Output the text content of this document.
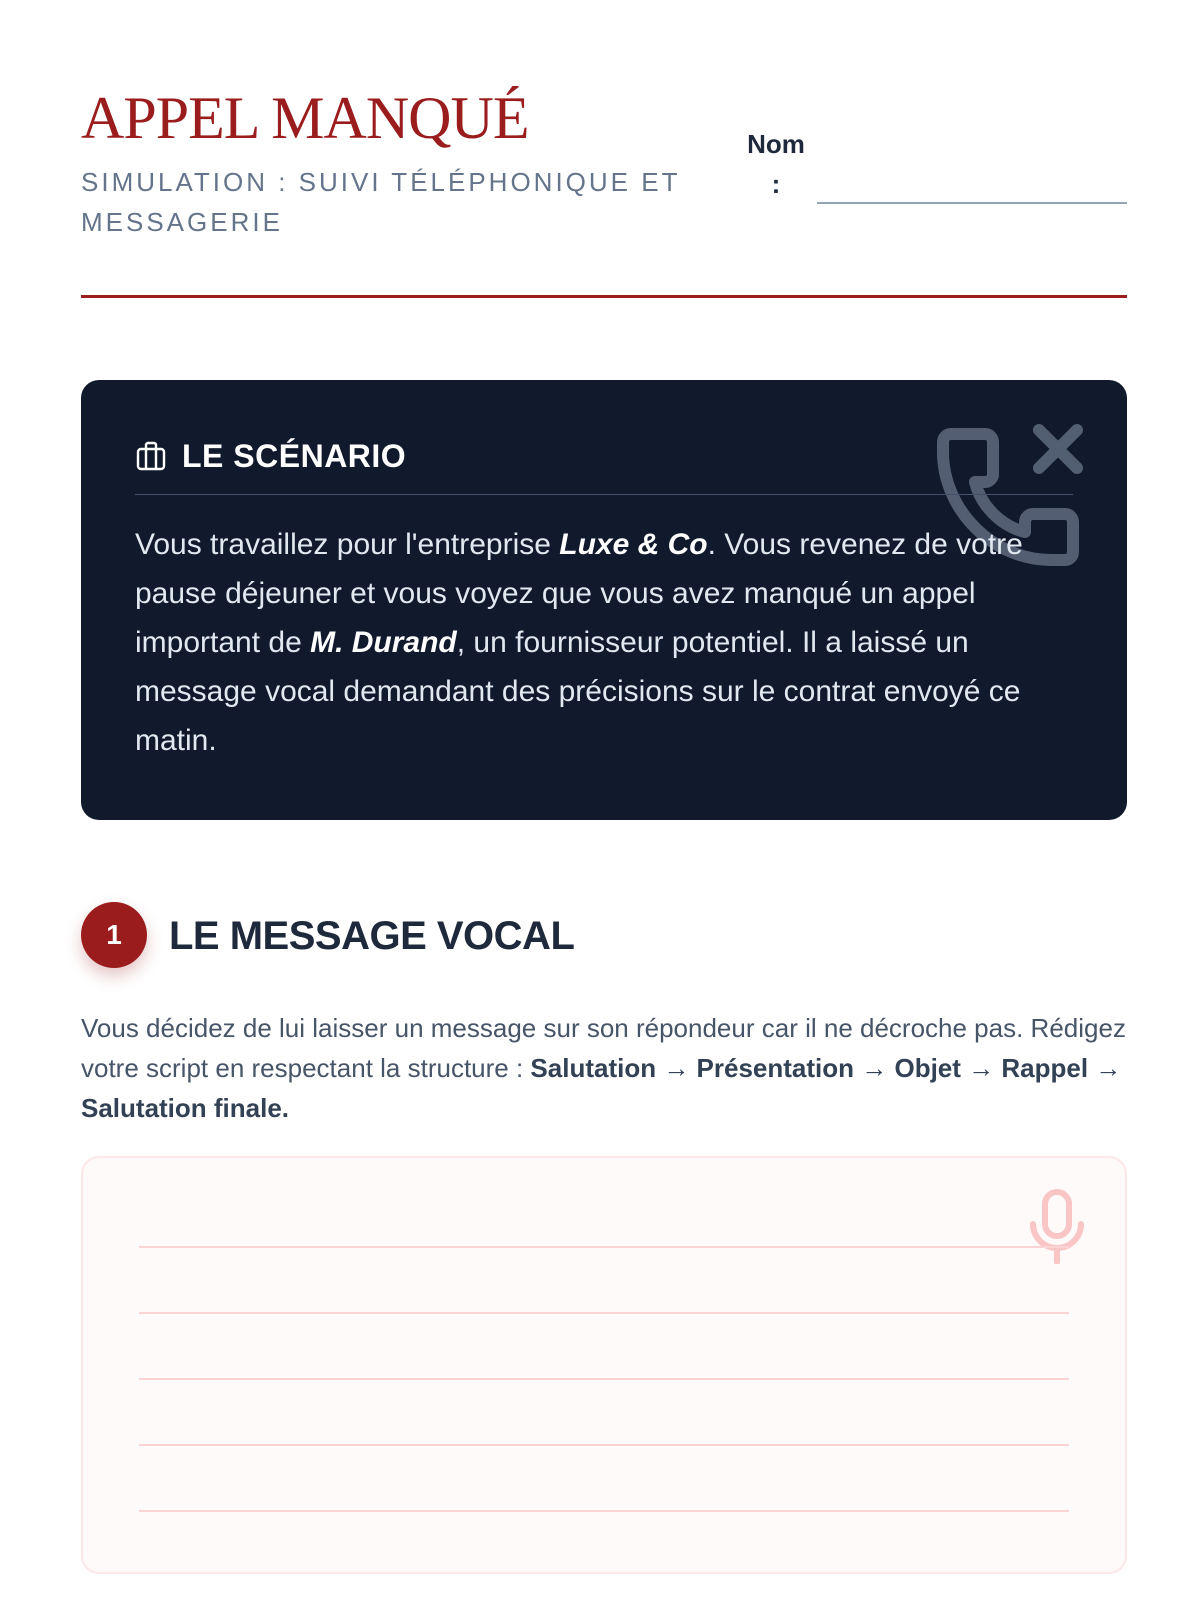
APPEL MANQUÉ
SIMULATION : SUIVI TÉLÉPHONIQUE ET MESSAGERIE
Nom :
LE SCÉNARIO
Vous travaillez pour l'entreprise Luxe & Co. Vous revenez de votre pause déjeuner et vous voyez que vous avez manqué un appel important de M. Durand, un fournisseur potentiel. Il a laissé un message vocal demandant des précisions sur le contrat envoyé ce matin.
1	LE MESSAGE VOCAL
Vous décidez de lui laisser un message sur son répondeur car il ne décroche pas. Rédigez votre script en respectant la structure : Salutation → Présentation → Objet → Rappel → Salutation finale.
